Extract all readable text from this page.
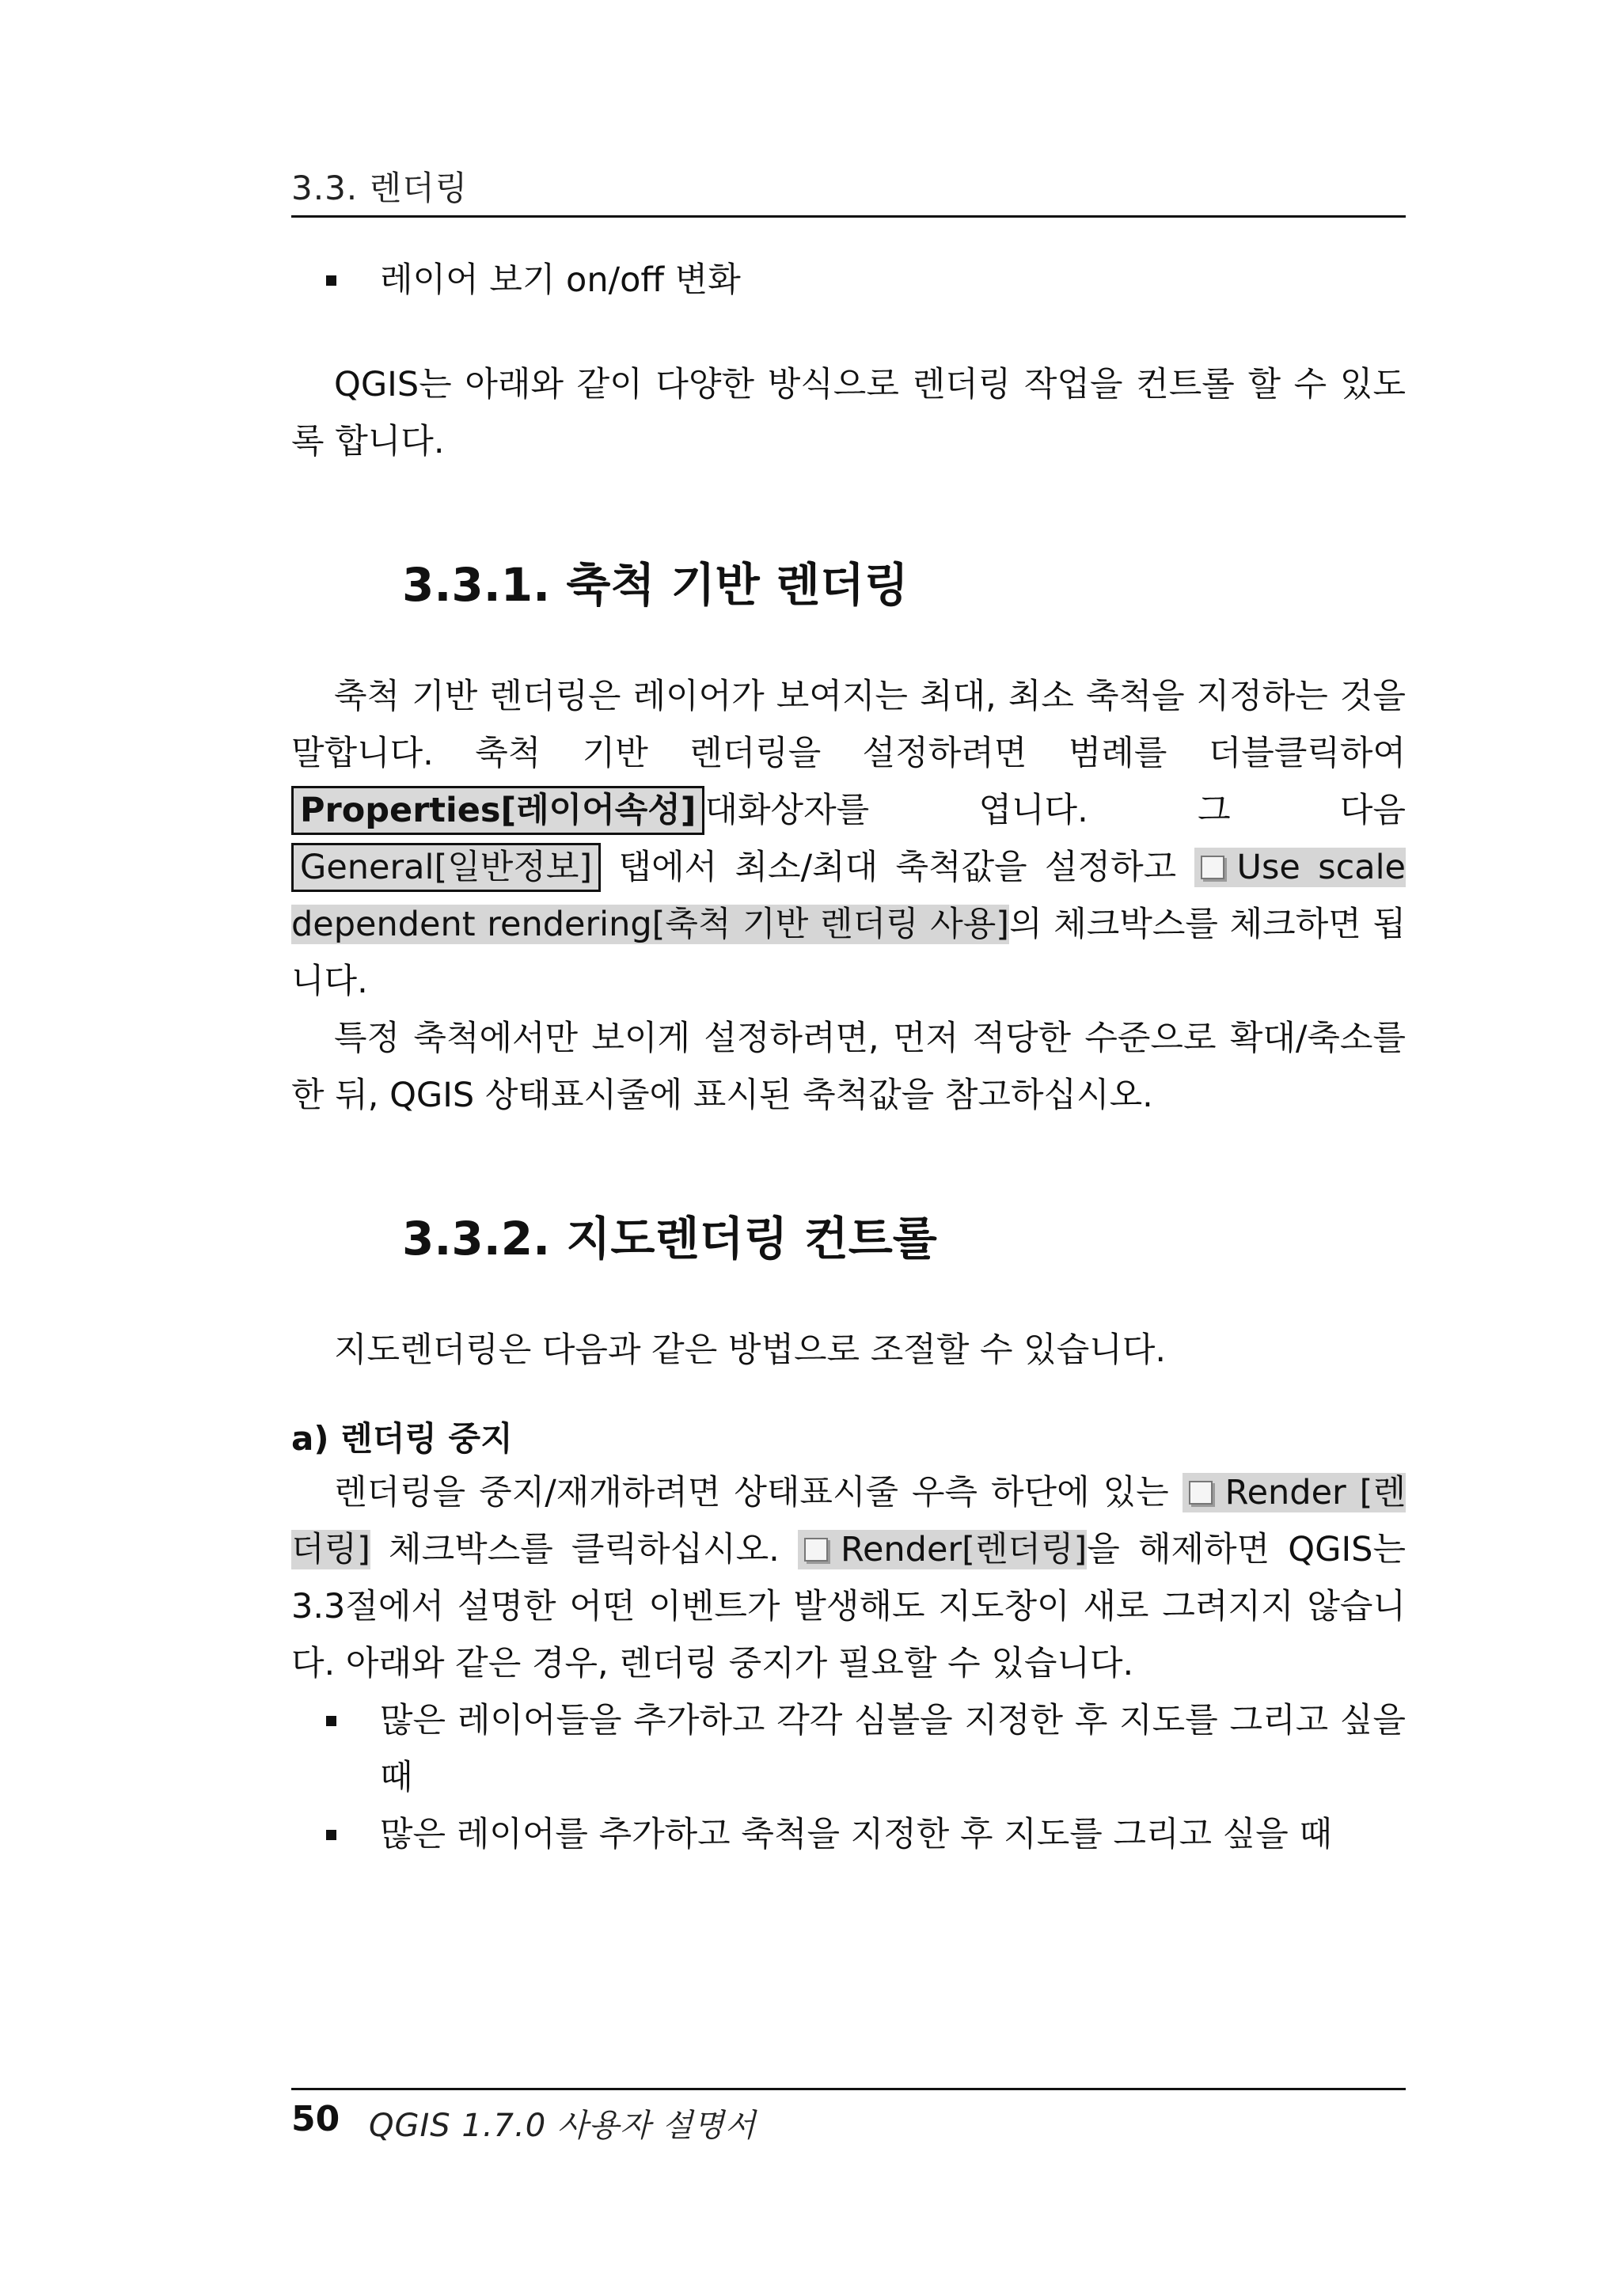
3.3. 렌더링
레이어 보기 on/off 변화

QGIS는 아래와 같이 다양한 방식으로 렌더링 작업을 컨트롤 할 수 있도록 합니다.

3.3.1. 축척 기반 렌더링

축척 기반 렌더링은 레이어가 보여지는 최대, 최소 축척을 지정하는 것을 말합니다. 축척 기반 렌더링을 설정하려면 범례를 더블클릭하여 Properties[레이어속성] 대화상자를 엽니다. 그 다음 General[일반정보] 탭에서 최소/최대 축척값을 설정하고 Use scale dependent rendering[축척 기반 렌더링 사용]의 체크박스를 체크하면 됩니다.

특정 축척에서만 보이게 설정하려면, 먼저 적당한 수준으로 확대/축소를 한 뒤, QGIS 상태표시줄에 표시된 축척값을 참고하십시오.

3.3.2. 지도렌더링 컨트롤

지도렌더링은 다음과 같은 방법으로 조절할 수 있습니다.

a) 렌더링 중지

렌더링을 중지/재개하려면 상태표시줄 우측 하단에 있는 Render [렌더링] 체크박스를 클릭하십시오. Render[렌더링]을 해제하면 QGIS는 3.3절에서 설명한 어떤 이벤트가 발생해도 지도창이 새로 그려지지 않습니다. 아래와 같은 경우, 렌더링 중지가 필요할 수 있습니다.

많은 레이어들을 추가하고 각각 심볼을 지정한 후 지도를 그리고 싶을 때
많은 레이어를 추가하고 축척을 지정한 후 지도를 그리고 싶을 때
50 QGIS 1.7.0 사용자 설명서
